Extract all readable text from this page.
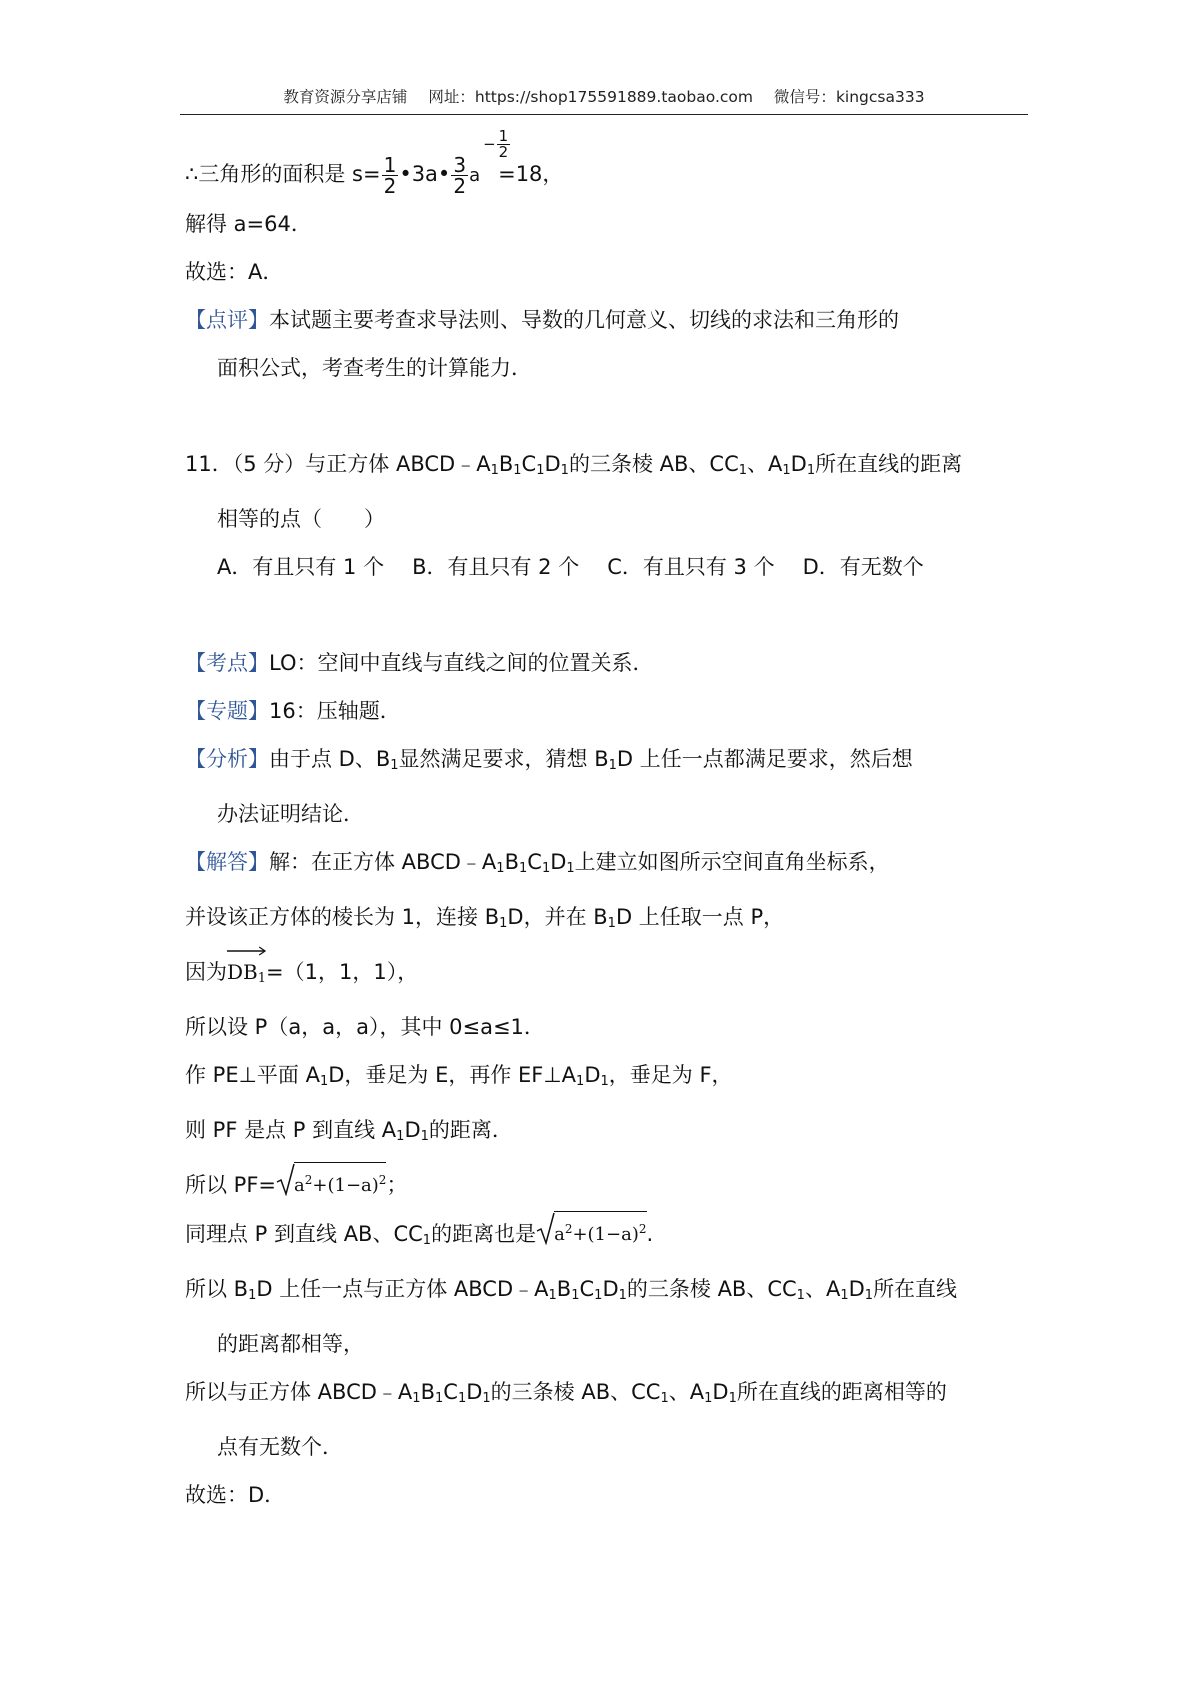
教育资源分享店铺 网址：https://shop175591889.taobao.com 微信号：kingcsa333
∴三角形的面积是 $s= \frac{1}{2}$ •3a• $\frac{3}{2}$ a
− $\frac{1}{2}$
=18，
解得 a=64．
故选：A．
【点评】本试题主要考查求导法则、导数的几何意义、切线的求法和三角形的
面积公式，考查考生的计算能力．
11．（5 分）与正方体 $ABCD﹣A_1B_1C_1D_1$的三条棱 AB、$CC_1$、$A_1D_1$所在直线的距离
相等的点（　　）
A．有且只有 1 个 B．有且只有 2 个 C．有且只有 3 个 D．有无数个
【考点】LO：空间中直线与直线之间的位置关系．
【专题】16：压轴题．
【分析】由于点 D、$B_1$显然满足要求，猜想 $B_1D$ 上任一点都满足要求，然后想
办法证明结论．
【解答】解：在正方体 $ABCD﹣A_1B_1C_1D_1$上建立如图所示空间直角坐标系，
并设该正方体的棱长为 1，连接 $B_1D$，并在 $B_1D$ 上任取一点 P，
因为
$DB_1=(1$，1，1），
所以设 P（a，a，a），其中 0≤a≤1．
作 PE⊥平面 $A_1D$，垂足为 E，再作 $EF\perp A_1D_1$，垂足为 F，
则 PF 是点 P 到直线 $A_1D_1$的距离．
所以 $PF= a^2+(1-a)^2$；
同理点 P 到直线 AB、$CC_1$的距离也是 $a^2+(1-a)^2$.
所以 $B_1D$ 上任一点与正方体 $ABCD﹣A_1B_1C_1D_1$的三条棱 AB、$CC_1$、$A_1D_1$所在直线
的距离都相等，
所以与正方体 $ABCD﹣A_1B_1C_1D_1$的三条棱 AB、$CC_1$、$A_1D_1$所在直线的距离相等的
点有无数个．
故选：D．
